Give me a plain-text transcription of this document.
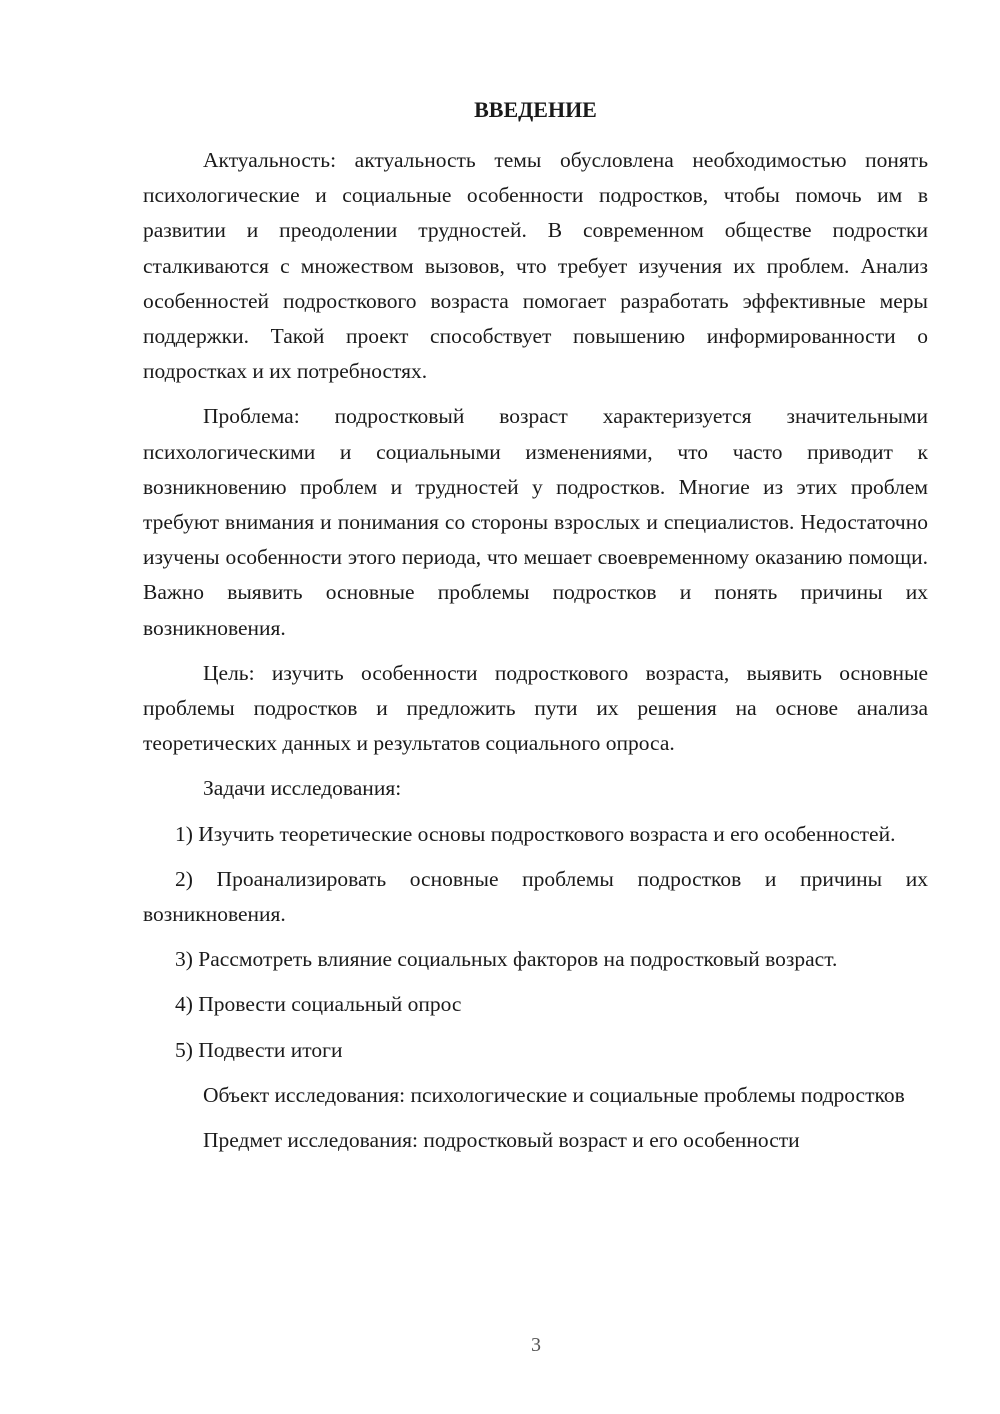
ВВЕДЕНИЕ

Актуальность: актуальность темы обусловлена необходимостью понять психологические и социальные особенности подростков, чтобы помочь им в развитии и преодолении трудностей. В современном обществе подростки сталкиваются с множеством вызовов, что требует изучения их проблем. Анализ особенностей подросткового возраста помогает разработать эффективные меры поддержки. Такой проект способствует повышению информированности о подростках и их потребностях.

Проблема: подростковый возраст характеризуется значительными психологическими и социальными изменениями, что часто приводит к возникновению проблем и трудностей у подростков. Многие из этих проблем требуют внимания и понимания со стороны взрослых и специалистов. Недостаточно изучены особенности этого периода, что мешает своевременному оказанию помощи. Важно выявить основные проблемы подростков и понять причины их возникновения.

Цель: изучить особенности подросткового возраста, выявить основные проблемы подростков и предложить пути их решения на основе анализа теоретических данных и результатов социального опроса.

Задачи исследования:

1) Изучить теоретические основы подросткового возраста и его особенностей.

2) Проанализировать основные проблемы подростков и причины их возникновения.

3) Рассмотреть влияние социальных факторов на подростковый возраст.

4) Провести социальный опрос

5) Подвести итоги

Объект исследования: психологические и социальные проблемы подростков

Предмет исследования: подростковый возраст и его особенности

3
